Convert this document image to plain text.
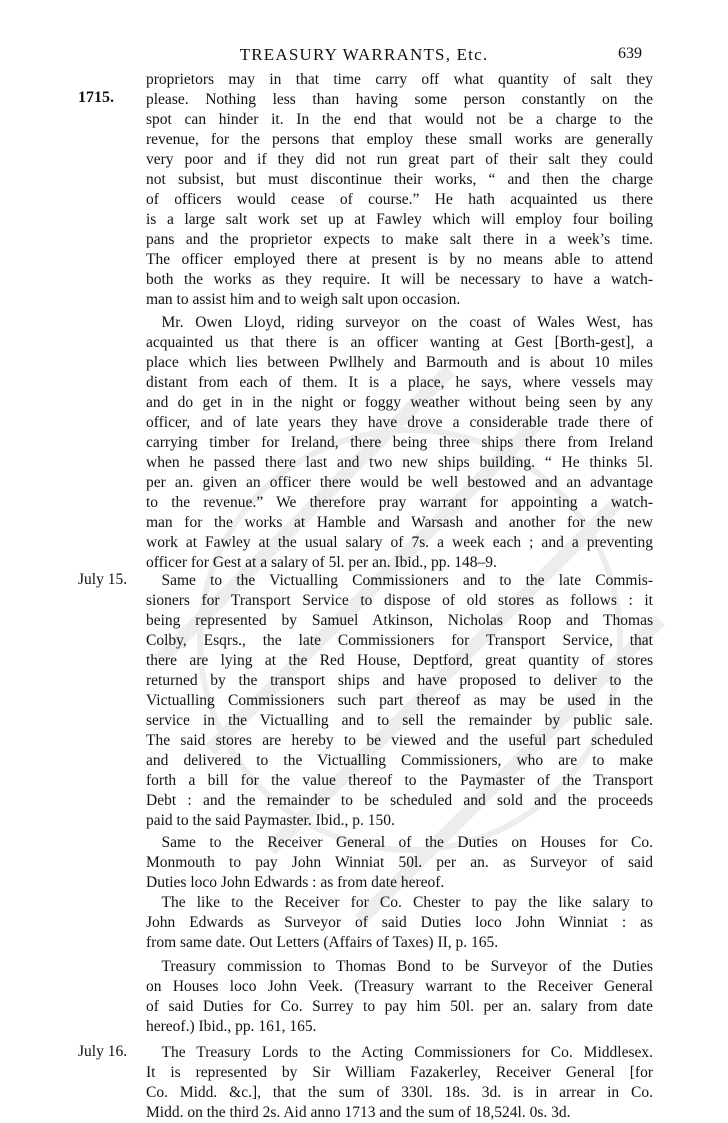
TREASURY WARRANTS, Etc.	639
1715.
proprietors may in that time carry off what quantity of salt they
please. Nothing less than having some person constantly on the
spot can hinder it. In the end that would not be a charge to the
revenue, for the persons that employ these small works are generally
very poor and if they did not run great part of their salt they could
not subsist, but must discontinue their works, “ and then the charge
of officers would cease of course.” He hath acquainted us there
is a large salt work set up at Fawley which will employ four boiling
pans and the proprietor expects to make salt there in a week’s time.
The officer employed there at present is by no means able to attend
both the works as they require. It will be necessary to have a watch-
man to assist him and to weigh salt upon occasion.
 Mr. Owen Lloyd, riding surveyor on the coast of Wales West, has
acquainted us that there is an officer wanting at Gest [Borth-gest], a
place which lies between Pwllhely and Barmouth and is about 10 miles
distant from each of them. It is a place, he says, where vessels may
and do get in in the night or foggy weather without being seen by any
officer, and of late years they have drove a considerable trade there of
carrying timber for Ireland, there being three ships there from Ireland
when he passed there last and two new ships building. “ He thinks 5l.
per an. given an officer there would be well bestowed and an advantage
to the revenue.” We therefore pray warrant for appointing a watch-
man for the works at Hamble and Warsash and another for the new
work at Fawley at the usual salary of 7s. a week each ; and a preventing
officer for Gest at a salary of 5l. per an. Ibid., pp. 148–9.
July 15.  Same to the Victualling Commissioners and to the late Commis-
sioners for Transport Service to dispose of old stores as follows : it
being represented by Samuel Atkinson, Nicholas Roop and Thomas
Colby, Esqrs., the late Commissioners for Transport Service, that
there are lying at the Red House, Deptford, great quantity of stores
returned by the transport ships and have proposed to deliver to the
Victualling Commissioners such part thereof as may be used in the
service in the Victualling and to sell the remainder by public sale.
The said stores are hereby to be viewed and the useful part scheduled
and delivered to the Victualling Commissioners, who are to make
forth a bill for the value thereof to the Paymaster of the Transport
Debt : and the remainder to be scheduled and sold and the proceeds
paid to the said Paymaster. Ibid., p. 150.
 Same to the Receiver General of the Duties on Houses for Co.
Monmouth to pay John Winniat 50l. per an. as Surveyor of said
Duties loco John Edwards : as from date hereof.
 The like to the Receiver for Co. Chester to pay the like salary to
John Edwards as Surveyor of said Duties loco John Winniat : as
from same date. Out Letters (Affairs of Taxes) II, p. 165.
 Treasury commission to Thomas Bond to be Surveyor of the Duties
on Houses loco John Veek. (Treasury warrant to the Receiver General
of said Duties for Co. Surrey to pay him 50l. per an. salary from date
hereof.) Ibid., pp. 161, 165.
July 16.  The Treasury Lords to the Acting Commissioners for Co. Middlesex.
It is represented by Sir William Fazakerley, Receiver General [for
Co. Midd. &c.], that the sum of 330l. 18s. 3d. is in arrear in Co.
Midd. on the third 2s. Aid anno 1713 and the sum of 18,524l. 0s. 3d.
